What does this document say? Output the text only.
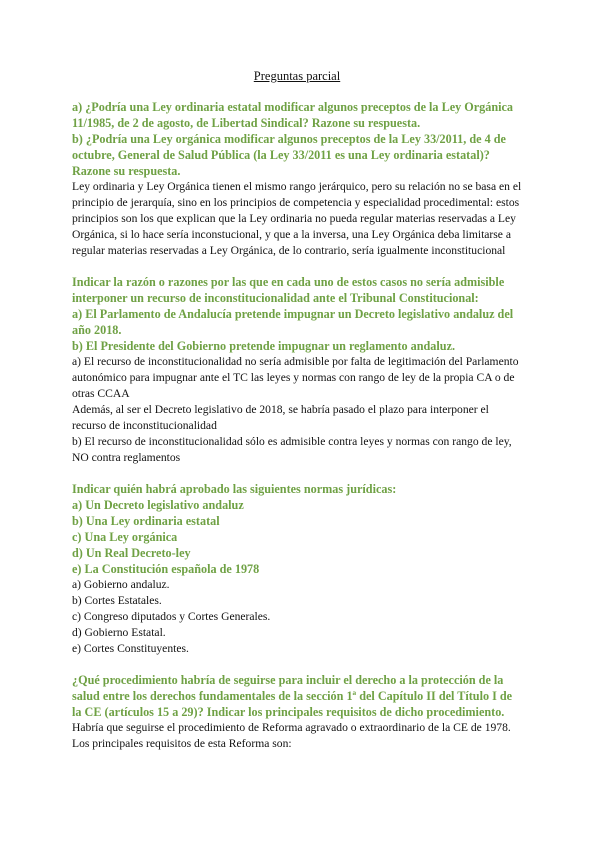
Preguntas parcial

a) ¿Podría una Ley ordinaria estatal modificar algunos preceptos de la Ley Orgánica 11/1985, de 2 de agosto, de Libertad Sindical? Razone su respuesta.

b) ¿Podría una Ley orgánica modificar algunos preceptos de la Ley 33/2011, de 4 de octubre, General de Salud Pública (la Ley 33/2011 es una Ley ordinaria estatal)? Razone su respuesta.

Ley ordinaria y Ley Orgánica tienen el mismo rango jerárquico, pero su relación no se basa en el principio de jerarquía, sino en los principios de competencia y especialidad procedimental: estos principios son los que explican que la Ley ordinaria no pueda regular materias reservadas a Ley Orgánica, si lo hace sería inconstucional, y que a la inversa, una Ley Orgánica deba limitarse a regular materias reservadas a Ley Orgánica, de lo contrario, sería igualmente inconstitucional

Indicar la razón o razones por las que en cada uno de estos casos no sería admisible interponer un recurso de inconstitucionalidad ante el Tribunal Constitucional:

a) El Parlamento de Andalucía pretende impugnar un Decreto legislativo andaluz del año 2018.

b) El Presidente del Gobierno pretende impugnar un reglamento andaluz.

a) El recurso de inconstitucionalidad no sería admisible por falta de legitimación del Parlamento autonómico para impugnar ante el TC las leyes y normas con rango de ley de la propia CA o de otras CCAA

Además, al ser el Decreto legislativo de 2018, se habría pasado el plazo para interponer el recurso de inconstitucionalidad

b) El recurso de inconstitucionalidad sólo es admisible contra leyes y normas con rango de ley, NO contra reglamentos

Indicar quién habrá aprobado las siguientes normas jurídicas:

a) Un Decreto legislativo andaluz

b) Una Ley ordinaria estatal

c) Una Ley orgánica

d) Un Real Decreto-ley

e) La Constitución española de 1978

a) Gobierno andaluz.

b) Cortes Estatales.

c) Congreso diputados y Cortes Generales.

d) Gobierno Estatal.

e) Cortes Constituyentes.

¿Qué procedimiento habría de seguirse para incluir el derecho a la protección de la salud entre los derechos fundamentales de la sección 1ª del Capítulo II del Título I de la CE (artículos 15 a 29)? Indicar los principales requisitos de dicho procedimiento.

Habría que seguirse el procedimiento de Reforma agravado o extraordinario de la CE de 1978. Los principales requisitos de esta Reforma son:
